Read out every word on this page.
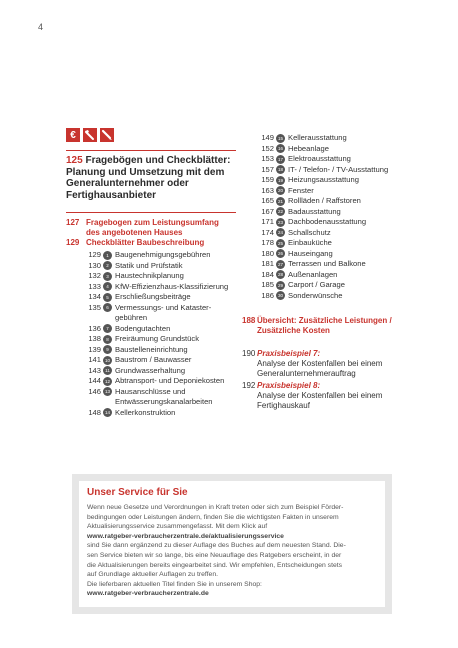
4
€
125 Fragebögen und Checkblätter: Planung und Umsetzung mit dem Generalunternehmer oder Fertighausanbieter
127 Fragebogen zum Leistungsumfang
des angebotenen Hauses
129 Checkblätter Baubeschreibung
129	1 Baugenehmigungsgebühren
130	2 Statik und Prüfstatik
132	3 Haustechnikplanung
133	4 KfW-Effizienzhaus-Klassifizierung
134	5 Erschließungsbeiträge
135	6 Vermessungs- und Kataster-
gebühren
136	7 Bodengutachten
138	8 Freiräumung Grundstück
139	9 Baustelleneinrichtung
141 10 Baustrom / Bauwasser
143 11 Grundwasserhaltung
144 12 Abtransport- und Deponiekosten
146 13 Hausanschlüsse und
Entwässerungskanalarbeiten
148 14 Kellerkonstruktion
149 15 Kellerausstattung
152 16 Hebeanlage
153 17 Elektroausstattung
157 18 IT- / Telefon- / TV-Ausstattung
159 19 Heizungsausstattung
163 20 Fenster
165 21 Rollläden / Raffstoren
167 22 Badausstattung
171 23 Dachbodenausstattung
174 24 Schallschutz
178 25 Einbauküche
180 26 Hauseingang
181 27 Terrassen und Balkone
184 28 Außenanlagen
185 29 Carport / Garage
186 30 Sonderwünsche
188 Übersicht: Zusätzliche Leistungen /
Zusätzliche Kosten
190 Praxisbeispiel 7:
Analyse der Kostenfallen bei einem
Generalunternehmerauftrag
192 Praxisbeispiel 8:
Analyse der Kostenfallen bei einem
Fertighauskauf
Unser Service für Sie
Wenn neue Gesetze und Verordnungen in Kraft treten oder sich zum Beispiel Förder-
bedingungen oder Leistungen ändern, finden Sie die wichtigsten Fakten in unserem
Aktualisierungsservice zusammengefasst. Mit dem Klick auf
www.ratgeber-verbraucherzentrale.de/aktualisierungsservice
sind Sie dann ergänzend zu dieser Auflage des Buches auf dem neuesten Stand. Die-
sen Service bieten wir so lange, bis eine Neuauflage des Ratgebers erscheint, in der
die Aktualisierungen bereits eingearbeitet sind. Wir empfehlen, Entscheidungen stets
auf Grundlage aktueller Auflagen zu treffen.
Die lieferbaren aktuellen Titel finden Sie in unserem Shop:
www.ratgeber-verbraucherzentrale.de
